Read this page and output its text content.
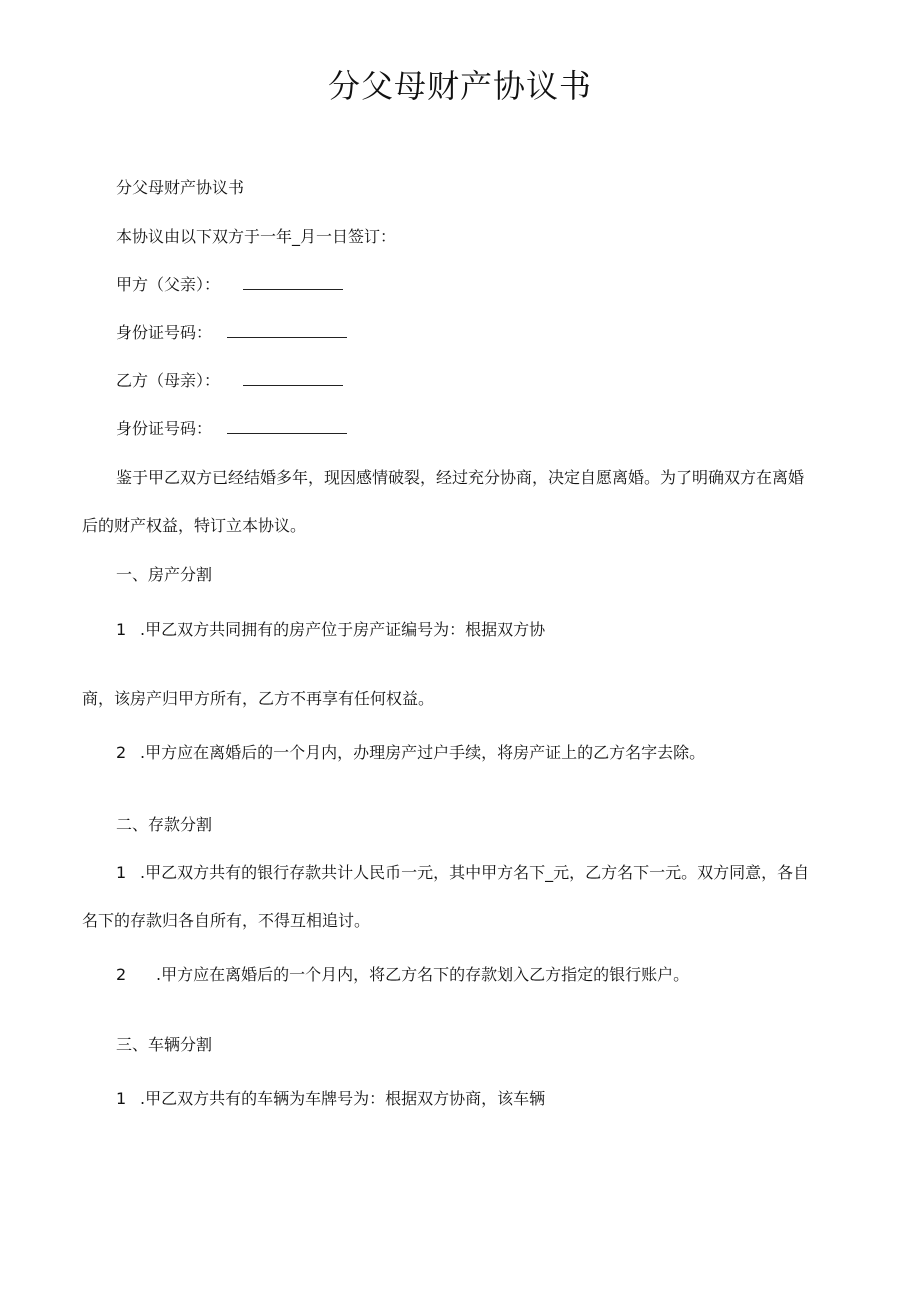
分父母财产协议书

分父母财产协议书

本协议由以下双方于一年_月一日签订：

甲方（父亲）：

身份证号码：

乙方（母亲）：

身份证号码：

鉴于甲乙双方已经结婚多年，现因感情破裂，经过充分协商，决定自愿离婚。为了明确双方在离婚

后的财产权益，特订立本协议。

一、房产分割

1 .甲乙双方共同拥有的房产位于房产证编号为：根据双方协

商，该房产归甲方所有，乙方不再享有任何权益。

2 .甲方应在离婚后的一个月内，办理房产过户手续，将房产证上的乙方名字去除。

二、存款分割

1 .甲乙双方共有的银行存款共计人民币一元，其中甲方名下_元，乙方名下一元。双方同意，各自

名下的存款归各自所有，不得互相追讨。

2 .甲方应在离婚后的一个月内，将乙方名下的存款划入乙方指定的银行账户。

三、车辆分割

1 .甲乙双方共有的车辆为车牌号为：根据双方协商，该车辆
